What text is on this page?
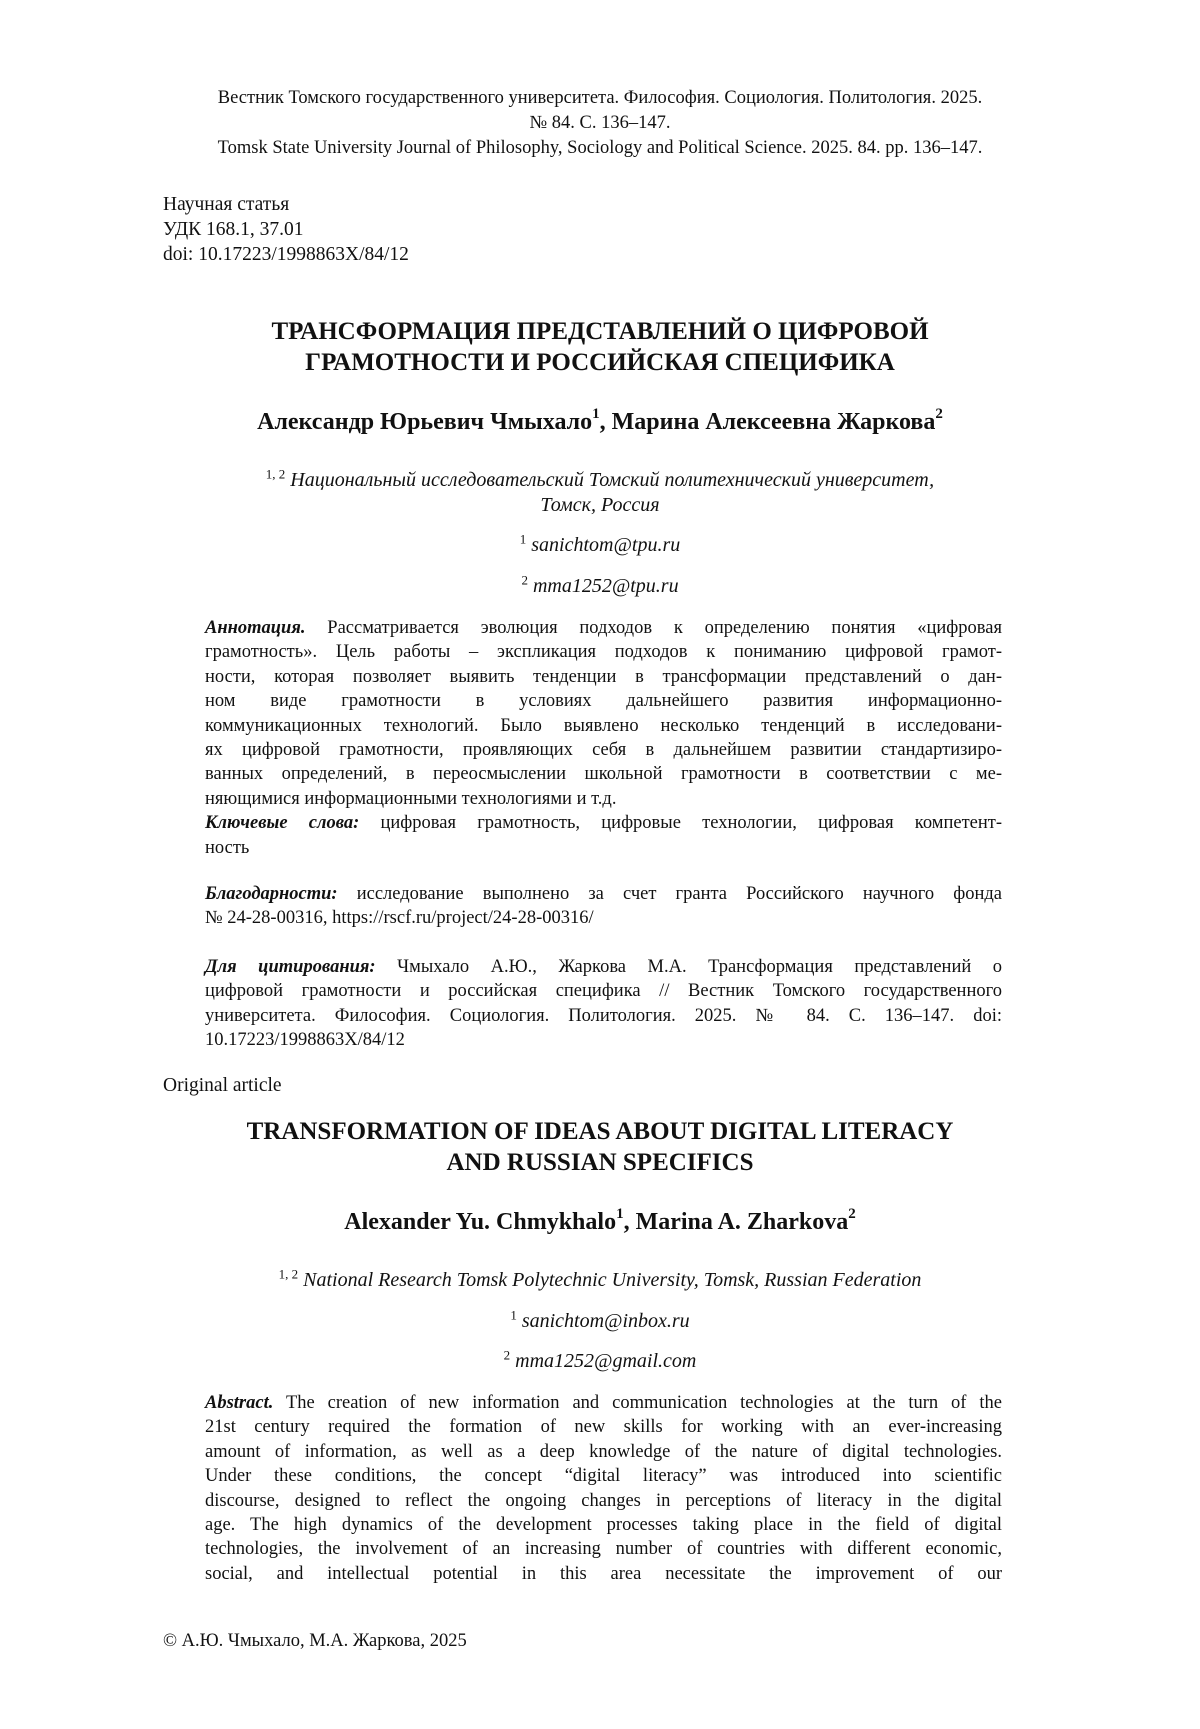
Вестник Томского государственного университета. Философия. Социология. Политология. 2025.
№ 84. С. 136–147.
Tomsk State University Journal of Philosophy, Sociology and Political Science. 2025. 84. pp. 136–147.
Научная статья
УДК 168.1, 37.01
doi: 10.17223/1998863X/84/12
ТРАНСФОРМАЦИЯ ПРЕДСТАВЛЕНИЙ О ЦИФРОВОЙ
ГРАМОТНОСТИ И РОССИЙСКАЯ СПЕЦИФИКА
Александр Юрьевич Чмыхало$^1$, Марина Алексеевна Жаркова$^2$
$^{1, 2}$ Национальный исследовательский Томский политехнический университет,
Томск, Россия
$^1$ sanichtom@tpu.ru
$^2$ mma1252@tpu.ru
Аннотация. Рассматривается эволюция подходов к определению понятия «цифровая
грамотность». Цель работы – экспликация подходов к пониманию цифровой грамот-
ности, которая позволяет выявить тенденции в трансформации представлений о дан-
ном виде грамотности в условиях дальнейшего развития информационно-
коммуникационных технологий. Было выявлено несколько тенденций в исследовани-
ях цифровой грамотности, проявляющих себя в дальнейшем развитии стандартизиро-
ванных определений, в переосмыслении школьной грамотности в соответствии с ме-
няющимися информационными технологиями и т.д.
Ключевые слова: цифровая грамотность, цифровые технологии, цифровая компетент-
ность
Благодарности: исследование выполнено за счет гранта Российского научного фонда
№ 24-28-00316, https://rscf.ru/project/24-28-00316/
Для цитирования: Чмыхало А.Ю., Жаркова М.А. Трансформация представлений о
цифровой грамотности и российская специфика // Вестник Томского государственного
университета. Философия. Социология. Политология. 2025. № 84. С. 136–147. doi:
10.17223/1998863X/84/12
Original article
TRANSFORMATION OF IDEAS ABOUT DIGITAL LITERACY
AND RUSSIAN SPECIFICS
Alexander Yu. Chmykhalo$^1$, Marina A. Zharkova$^2$
$^{1, 2}$ National Research Tomsk Polytechnic University, Tomsk, Russian Federation
$^1$ sanichtom@inbox.ru
$^2$ mma1252@gmail.com
Abstract. The creation of new information and communication technologies at the turn of the
21st century required the formation of new skills for working with an ever-increasing
amount of information, as well as a deep knowledge of the nature of digital technologies.
Under these conditions, the concept “digital literacy” was introduced into scientific
discourse, designed to reflect the ongoing changes in perceptions of literacy in the digital
age. The high dynamics of the development processes taking place in the field of digital
technologies, the involvement of an increasing number of countries with different economic,
social, and intellectual potential in this area necessitate the improvement of our
© А.Ю. Чмыхало, М.А. Жаркова, 2025
